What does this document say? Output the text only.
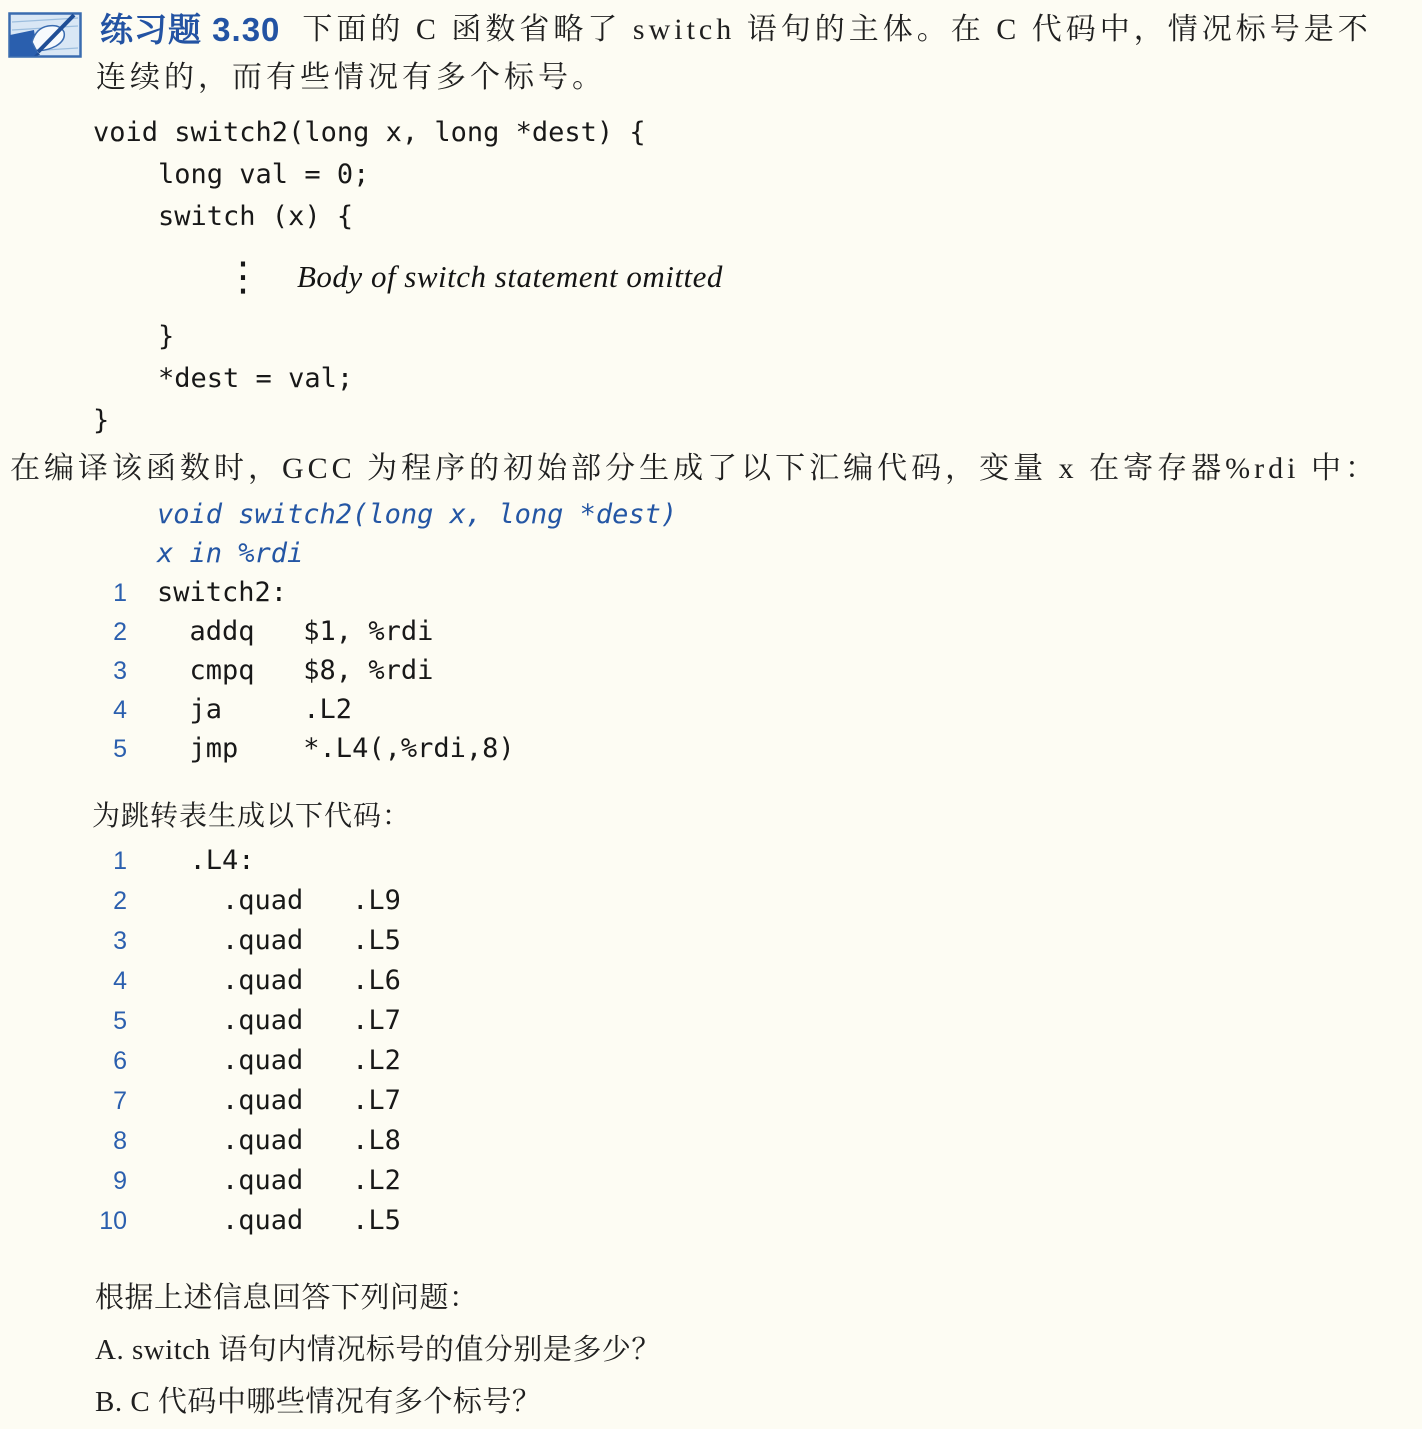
练习题 3.30 下面的 C 函数省略了 switch 语句的主体。在 C 代码中，情况标号是不
连续的，而有些情况有多个标号。
void switch2(long x, long *dest) {
long val = 0;
switch (x) {
⋮ Body of switch statement omitted
}
*dest = val;
}
在编译该函数时，GCC 为程序的初始部分生成了以下汇编代码，变量 x 在寄存器%rdi 中：
void switch2(long x, long *dest)
x in %rdi
1 switch2:
2 addq   $1, %rdi
3 cmpq   $8, %rdi
4 ja     .L2
5 jmp    *.L4(,%rdi,8)
为跳转表生成以下代码：
1 .L4:
2 .quad   .L9
3 .quad   .L5
4 .quad   .L6
5 .quad   .L7
6 .quad   .L2
7 .quad   .L7
8 .quad   .L8
9 .quad   .L2
10 .quad   .L5
根据上述信息回答下列问题：
A. switch 语句内情况标号的值分别是多少？
B. C 代码中哪些情况有多个标号？
